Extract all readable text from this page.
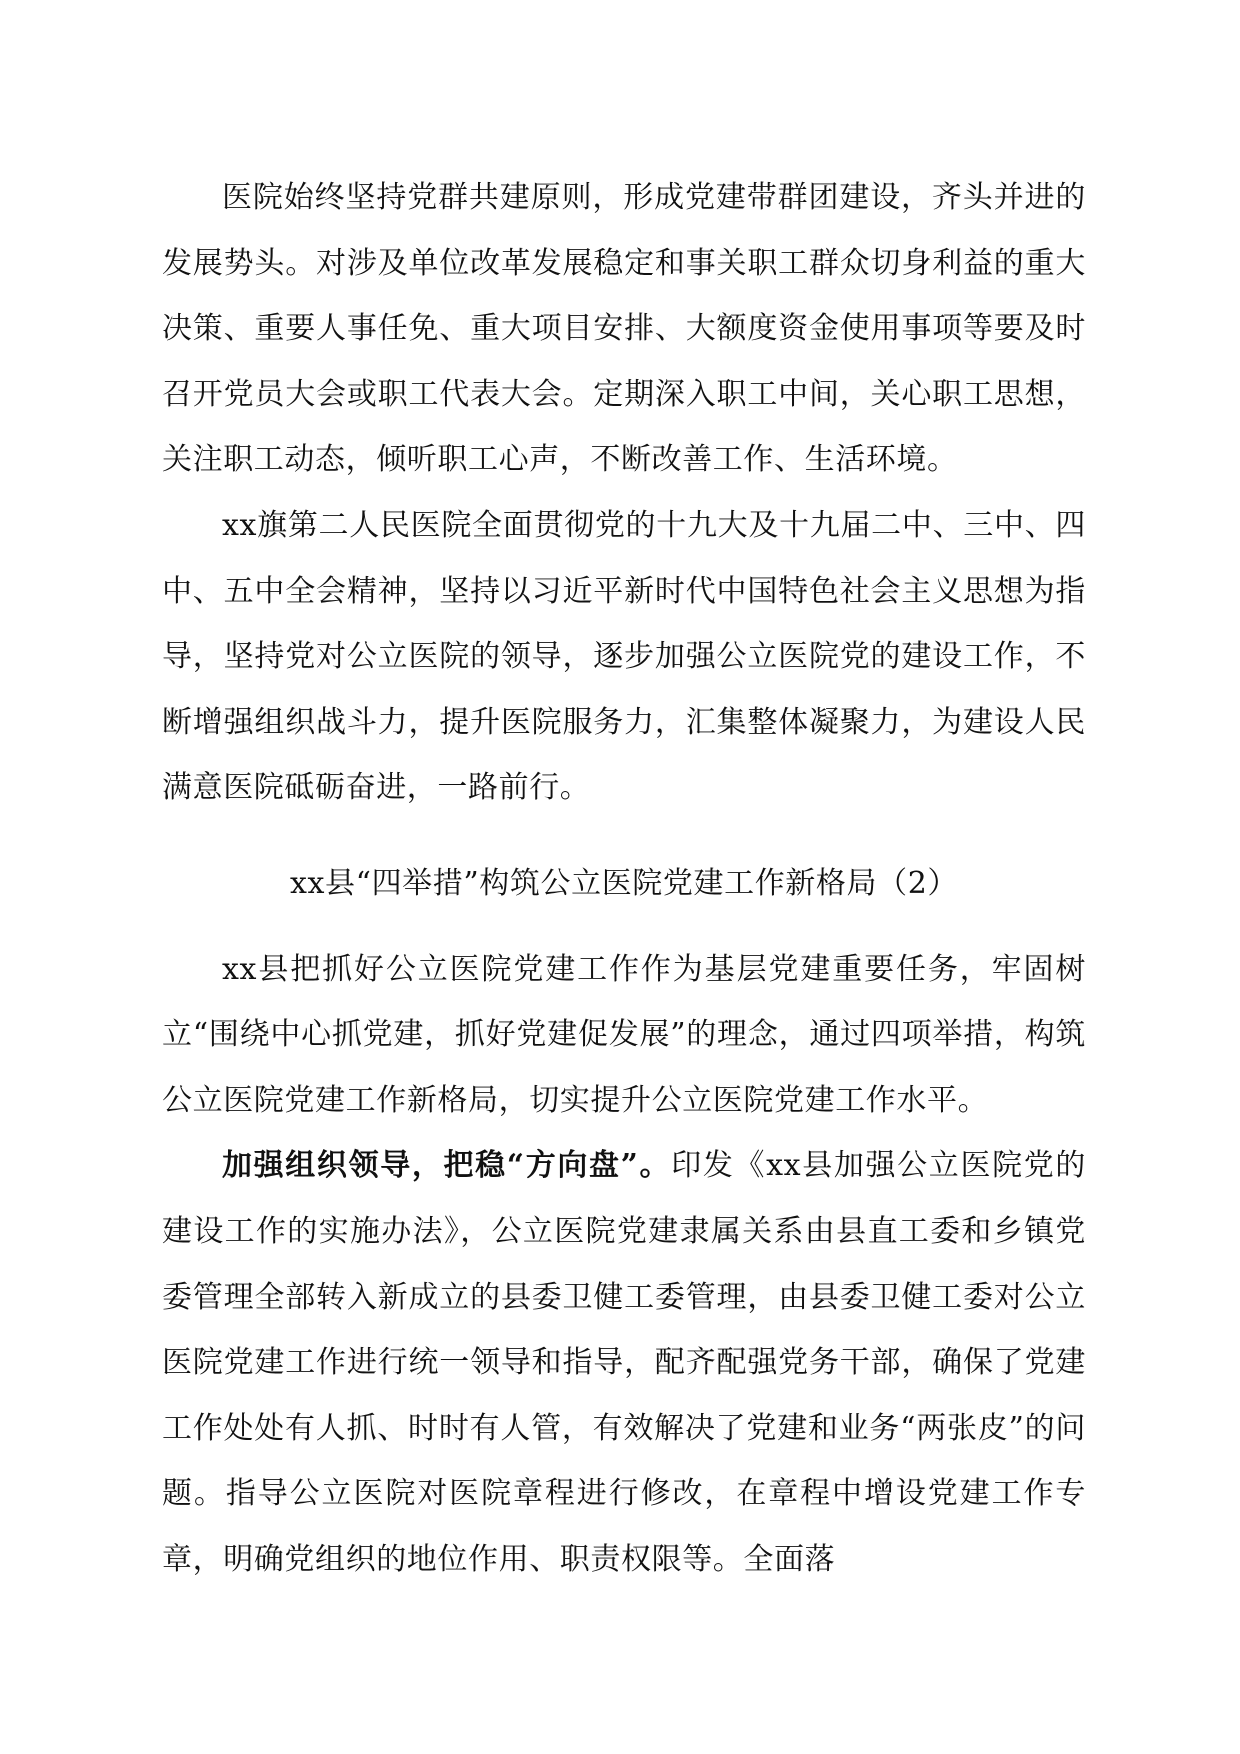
医院始终坚持党群共建原则，形成党建带群团建设，齐头并进的发展势头。对涉及单位改革发展稳定和事关职工群众切身利益的重大决策、重要人事任免、重大项目安排、大额度资金使用事项等要及时召开党员大会或职工代表大会。定期深入职工中间，关心职工思想，关注职工动态，倾听职工心声，不断改善工作、生活环境。

xx旗第二人民医院全面贯彻党的十九大及十九届二中、三中、四中、五中全会精神，坚持以习近平新时代中国特色社会主义思想为指导，坚持党对公立医院的领导，逐步加强公立医院党的建设工作，不断增强组织战斗力，提升医院服务力，汇集整体凝聚力，为建设人民满意医院砥砺奋进，一路前行。

xx县“四举措”构筑公立医院党建工作新格局（2）

xx县把抓好公立医院党建工作作为基层党建重要任务，牢固树立“围绕中心抓党建，抓好党建促发展”的理念，通过四项举措，构筑公立医院党建工作新格局，切实提升公立医院党建工作水平。

加强组织领导，把稳“方向盘”。印发《xx县加强公立医院党的建设工作的实施办法》，公立医院党建隶属关系由县直工委和乡镇党委管理全部转入新成立的县委卫健工委管理，由县委卫健工委对公立医院党建工作进行统一领导和指导，配齐配强党务干部，确保了党建工作处处有人抓、时时有人管，有效解决了党建和业务“两张皮”的问题。指导公立医院对医院章程进行修改，在章程中增设党建工作专章，明确党组织的地位作用、职责权限等。全面落
